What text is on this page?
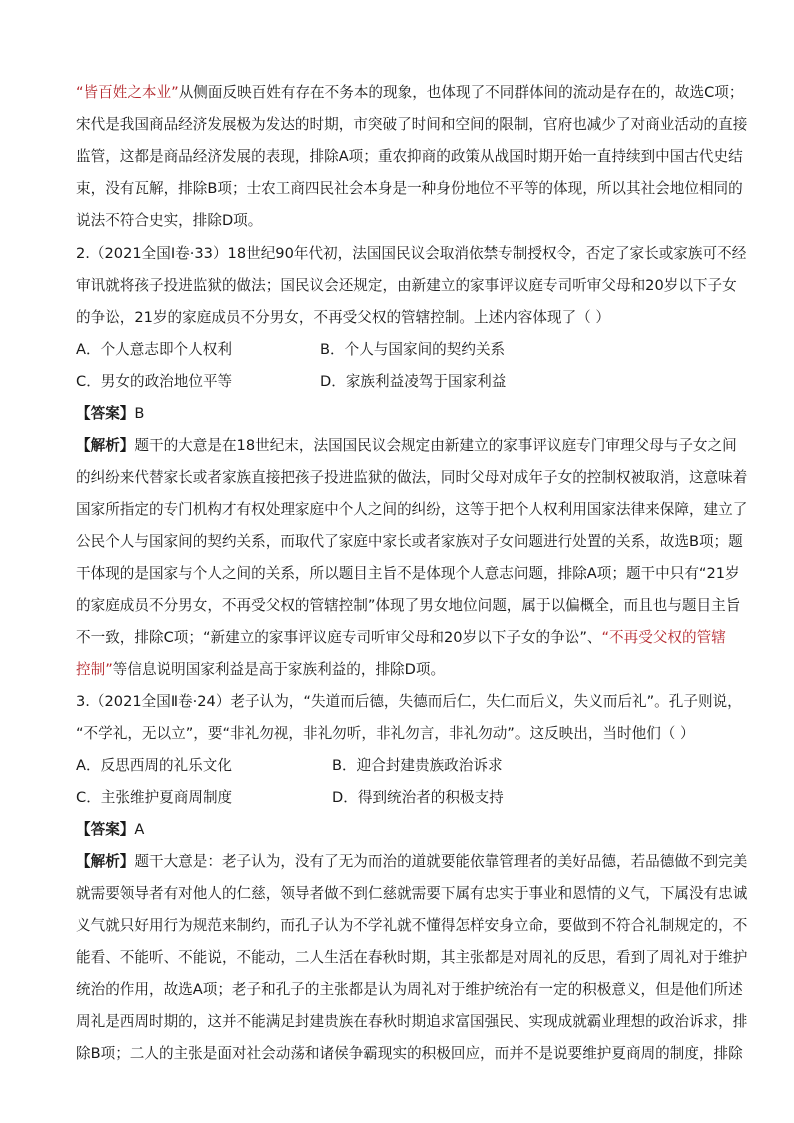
“皆百姓之本业”从侧面反映百姓有存在不务本的现象，也体现了不同群体间的流动是存在的，故选C项；
宋代是我国商品经济发展极为发达的时期，市突破了时间和空间的限制，官府也减少了对商业活动的直接
监管，这都是商品经济发展的表现，排除A项；重农抑商的政策从战国时期开始一直持续到中国古代史结
束，没有瓦解，排除B项；士农工商四民社会本身是一种身份地位不平等的体现，所以其社会地位相同的
说法不符合史实，排除D项。
2.（2021全国Ⅰ卷·33）18世纪90年代初，法国国民议会取消依禁专制授权令，否定了家长或家族可不经
审讯就将孩子投进监狱的做法；国民议会还规定，由新建立的家事评议庭专司听审父母和20岁以下子女
的争讼，21岁的家庭成员不分男女，不再受父权的管辖控制。上述内容体现了（ ）
A．个人意志即个人权利	B．个人与国家间的契约关系
C．男女的政治地位平等	D．家族利益凌驾于国家利益
【答案】B
【解析】题干的大意是在18世纪末，法国国民议会规定由新建立的家事评议庭专门审理父母与子女之间
的纠纷来代替家长或者家族直接把孩子投进监狱的做法，同时父母对成年子女的控制权被取消，这意味着
国家所指定的专门机构才有权处理家庭中个人之间的纠纷，这等于把个人权利用国家法律来保障，建立了
公民个人与国家间的契约关系，而取代了家庭中家长或者家族对子女问题进行处置的关系，故选B项；题
干体现的是国家与个人之间的关系，所以题目主旨不是体现个人意志问题，排除A项；题干中只有“21岁
的家庭成员不分男女，不再受父权的管辖控制”体现了男女地位问题，属于以偏概全，而且也与题目主旨
不一致，排除C项；“新建立的家事评议庭专司听审父母和20岁以下子女的争讼”、“不再受父权的管辖
控制”等信息说明国家利益是高于家族利益的，排除D项。
3.（2021全国Ⅱ卷·24）老子认为，“失道而后德，失德而后仁，失仁而后义，失义而后礼”。孔子则说，
“不学礼，无以立”，要“非礼勿视，非礼勿听，非礼勿言，非礼勿动”。这反映出，当时他们（ ）
A．反思西周的礼乐文化	B．迎合封建贵族政治诉求
C．主张维护夏商周制度	D．得到统治者的积极支持
【答案】A
【解析】题干大意是：老子认为，没有了无为而治的道就要能依靠管理者的美好品德，若品德做不到完美
就需要领导者有对他人的仁慈，领导者做不到仁慈就需要下属有忠实于事业和恩情的义气，下属没有忠诚
义气就只好用行为规范来制约，而孔子认为不学礼就不懂得怎样安身立命，要做到不符合礼制规定的，不
能看、不能听、不能说，不能动，二人生活在春秋时期，其主张都是对周礼的反思，看到了周礼对于维护
统治的作用，故选A项；老子和孔子的主张都是认为周礼对于维护统治有一定的积极意义，但是他们所述
周礼是西周时期的，这并不能满足封建贵族在春秋时期追求富国强民、实现成就霸业理想的政治诉求，排
除B项；二人的主张是面对社会动荡和诸侯争霸现实的积极回应，而并不是说要维护夏商周的制度，排除
